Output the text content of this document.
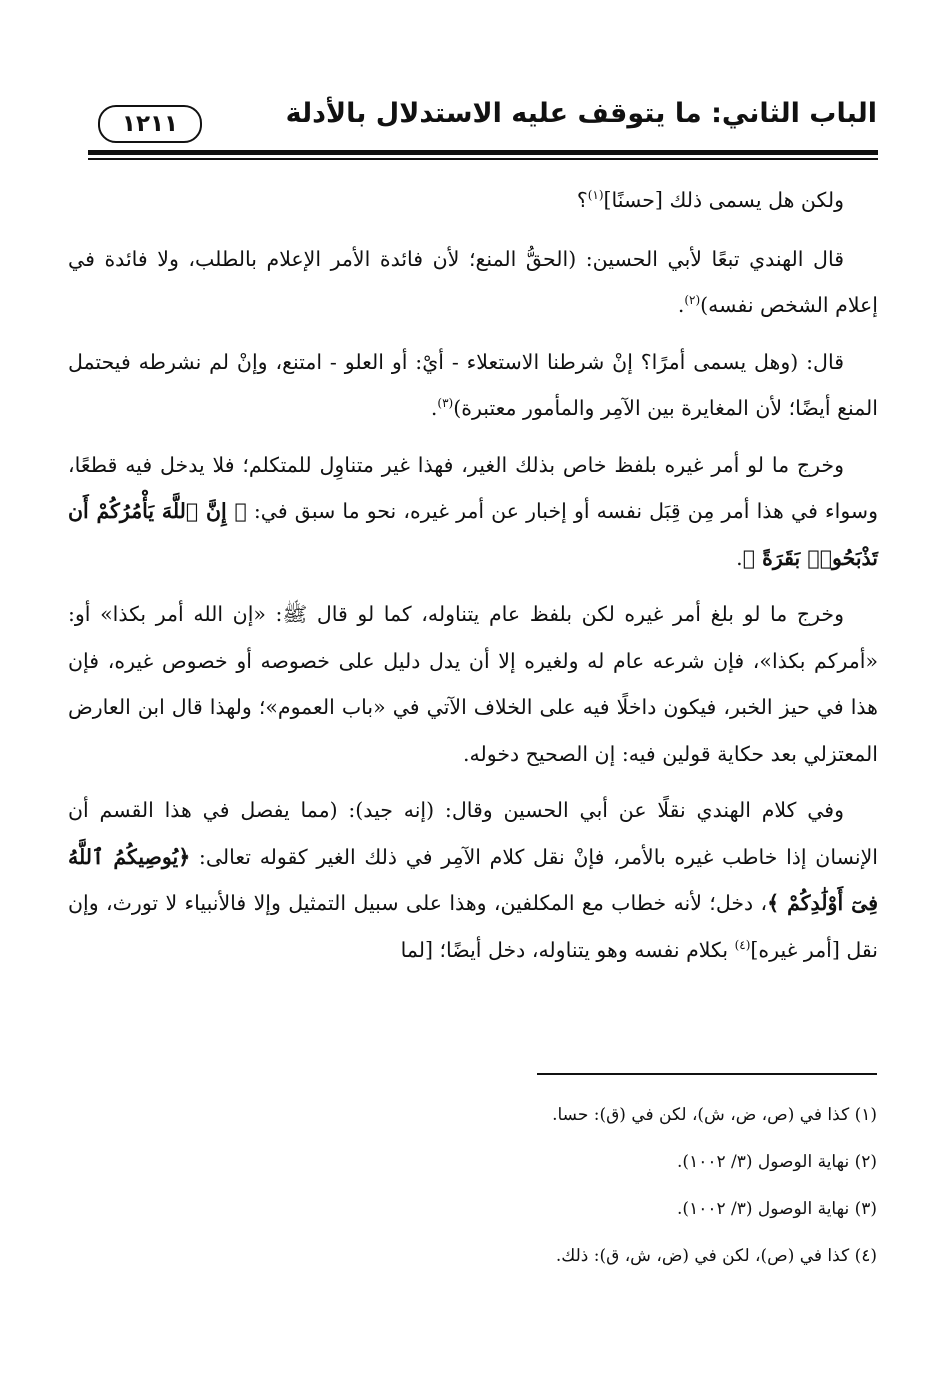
الباب الثاني: ما يتوقف عليه الاستدلال بالأدلة
١٢١١

ولكن هل يسمى ذلك [حسنًا]$^{(١)}$؟

قال الهندي تبعًا لأبي الحسين: (الحقُّ المنع؛ لأن فائدة الأمر الإعلام بالطلب، ولا فائدة في إعلام الشخص نفسه)$^{(٢)}$.

قال: (وهل يسمى أمرًا؟ إنْ شرطنا الاستعلاء - أيْ: أو العلو - امتنع، وإنْ لم نشرطه فيحتمل المنع أيضًا؛ لأن المغايرة بين الآمِر والمأمور معتبرة)$^{(٣)}$.

وخرج ما لو أمر غيره بلفظ خاص بذلك الغير، فهذا غير متناوِل للمتكلم؛ فلا يدخل فيه قطعًا، وسواء في هذا أمر مِن قِبَل نفسه أو إخبار عن أمر غيره، نحو ما سبق في: ﴿ إِنَّ ٱللَّهَ يَأْمُرُكُمْ أَن تَذْبَحُوا۟ بَقَرَةً ﴾.

وخرج ما لو بلغ أمر غيره لكن بلفظ عام يتناوله، كما لو قال ﷺ: «إن الله أمر بكذا» أو: «أمركم بكذا»، فإن شرعه عام له ولغيره إلا أن يدل دليل على خصوصه أو خصوص غيره، فإن هذا في حيز الخبر، فيكون داخلًا فيه على الخلاف الآتي في «باب العموم»؛ ولهذا قال ابن العارض المعتزلي بعد حكاية قولين فيه: إن الصحيح دخوله.

وفي كلام الهندي نقلًا عن أبي الحسين وقال: (إنه جيد): (مما يفصل في هذا القسم أن الإنسان إذا خاطب غيره بالأمر، فإنْ نقل كلام الآمِر في ذلك الغير كقوله تعالى: ﴿يُوصِيكُمُ ٱللَّهُ فِىٓ أَوْلَٰدِكُمْ ﴾، دخل؛ لأنه خطاب مع المكلفين، وهذا على سبيل التمثيل وإلا فالأنبياء لا تورث، وإن نقل [أمر غيره]$^{(٤)}$ بكلام نفسه وهو يتناوله، دخل أيضًا؛ [لما

(١) كذا في (ص، ض، ش)، لكن في (ق): حسا.
(٢) نهاية الوصول (٣/ ١٠٠٢).
(٣) نهاية الوصول (٣/ ١٠٠٢).
(٤) كذا في (ص)، لكن في (ض، ش، ق): ذلك.
